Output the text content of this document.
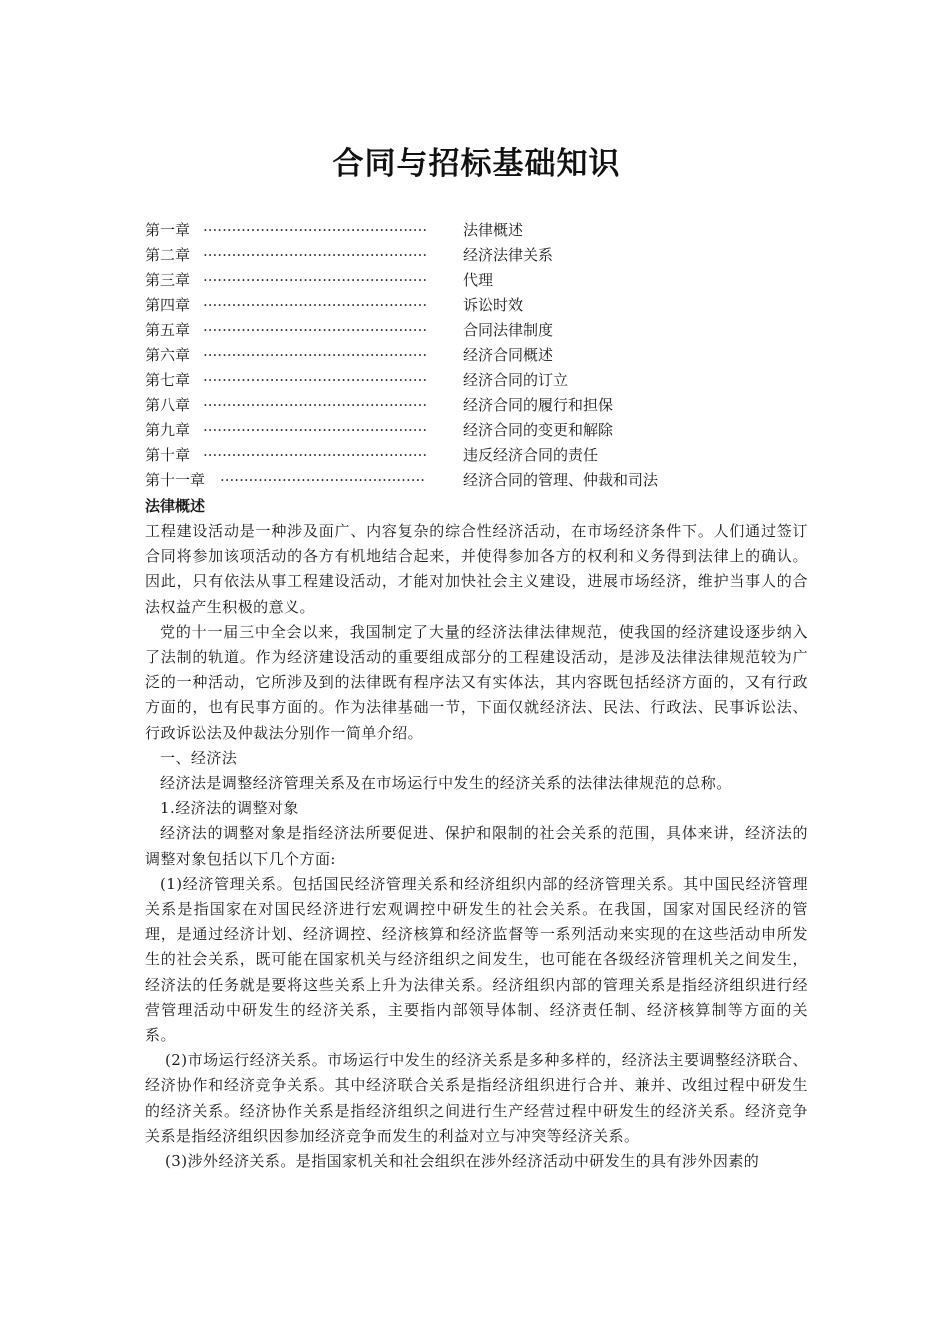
合同与招标基础知识
第一章 ···············································	法律概述
第二章 ···············································	经济法律关系
第三章 ···············································	代理
第四章 ···············································	诉讼时效
第五章 ···············································	合同法律制度
第六章 ···············································	经济合同概述
第七章 ···············································	经济合同的订立
第八章 ···············································	经济合同的履行和担保
第九章 ···············································	经济合同的变更和解除
第十章 ···············································	违反经济合同的责任
第十一章 ···········································	经济合同的管理、仲裁和司法

法律概述

工程建设活动是一种涉及面广、内容复杂的综合性经济活动，在市场经济条件下。人们通过签订合同将参加该项活动的各方有机地结合起来，并使得参加各方的权利和义务得到法律上的确认。因此，只有依法从事工程建设活动，才能对加快社会主义建设，进展市场经济，维护当事人的合法权益产生积极的意义。

党的十一届三中全会以来，我国制定了大量的经济法律法律规范，使我国的经济建设逐步纳入了法制的轨道。作为经济建设活动的重要组成部分的工程建设活动，是涉及法律法律规范较为广泛的一种活动，它所涉及到的法律既有程序法又有实体法，其内容既包括经济方面的，又有行政方面的，也有民事方面的。作为法律基础一节，下面仅就经济法、民法、行政法、民事诉讼法、行政诉讼法及仲裁法分别作一简单介绍。

一、经济法

经济法是调整经济管理关系及在市场运行中发生的经济关系的法律法律规范的总称。

1.经济法的调整对象

经济法的调整对象是指经济法所要促进、保护和限制的社会关系的范围，具体来讲，经济法的调整对象包括以下几个方面:

(1)经济管理关系。包括国民经济管理关系和经济组织内部的经济管理关系。其中国民经济管理关系是指国家在对国民经济进行宏观调控中研发生的社会关系。在我国，国家对国民经济的管理，是通过经济计划、经济调控、经济核算和经济监督等一系列活动来实现的在这些活动申所发生的社会关系，既可能在国家机关与经济组织之间发生，也可能在各级经济管理机关之间发生，经济法的任务就是要将这些关系上升为法律关系。经济组织内部的管理关系是指经济组织进行经营管理活动中研发生的经济关系，主要指内部领导体制、经济责任制、经济核算制等方面的关系。

(2)市场运行经济关系。市场运行中发生的经济关系是多种多样的，经济法主要调整经济联合、经济协作和经济竞争关系。其中经济联合关系是指经济组织进行合并、兼并、改组过程中研发生的经济关系。经济协作关系是指经济组织之间进行生产经营过程中研发生的经济关系。经济竞争关系是指经济组织因参加经济竞争而发生的利益对立与冲突等经济关系。

(3)涉外经济关系。是指国家机关和社会组织在涉外经济活动中研发生的具有涉外因素的
